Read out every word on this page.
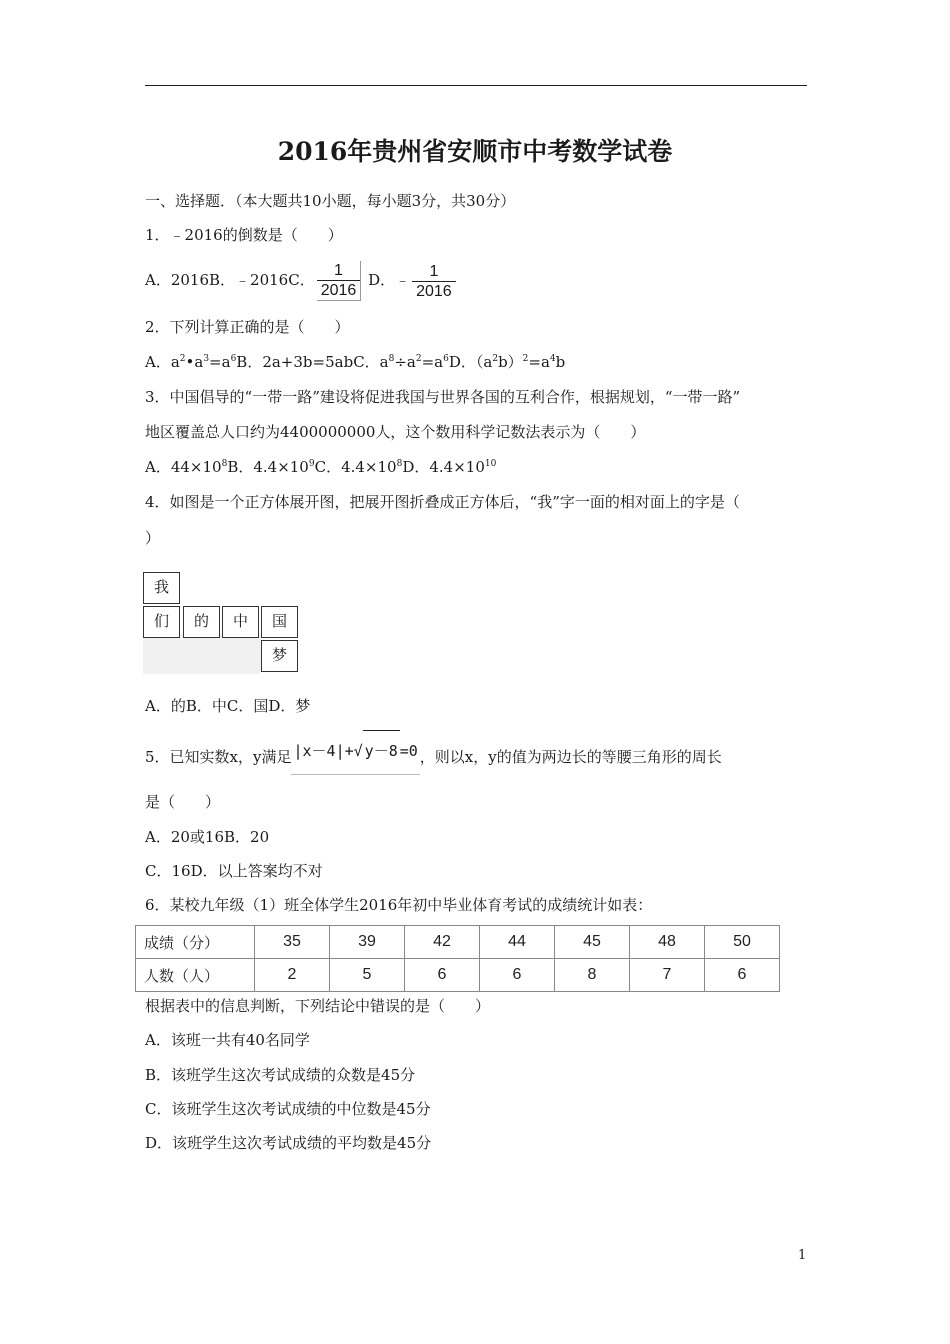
2016年贵州省安顺市中考数学试卷
一、选择题．（本大题共10小题，每小题3分，共30分）
1．﹣2016的倒数是（　　）
A．2016B．﹣2016C． $\frac{1}{2016}$ D．﹣ $\frac{1}{2016}$
2．下列计算正确的是（　　）
A．$a^2•a^3=a^6B$．2a+3b=5abC．$a^8\div a^2=a^6D$．$(a^2b)^2=a^4b$
3．中国倡导的“一带一路”建设将促进我国与世界各国的互利合作，根据规划，“一带一路”
地区覆盖总人口约为4400000000人，这个数用科学记数法表示为（　　）
A．$44\times 10^8B$．$4.4\times 10^9C$．$4.4\times 10^8D$．$4.4\times 10^{10}$
4．如图是一个正方体展开图，把展开图折叠成正方体后，“我”字一面的相对面上的字是（
）
我
们	的	中	国
梦
A．的B．中C．国D．梦
5．已知实数x，y满足 |x－4|+√ y－8 =0 ，则以x，y的值为两边长的等腰三角形的周长
是（　　）
A．20或16B．20
C．16D．以上答案均不对
6．某校九年级（1）班全体学生2016年初中毕业体育考试的成绩统计如表：
成绩（分）	35	39	42	44	45	48	50
人数（人）	2	5	6	6	8	7	6
根据表中的信息判断，下列结论中错误的是（　　）
A．该班一共有40名同学
B．该班学生这次考试成绩的众数是45分
C．该班学生这次考试成绩的中位数是45分
D．该班学生这次考试成绩的平均数是45分
1
